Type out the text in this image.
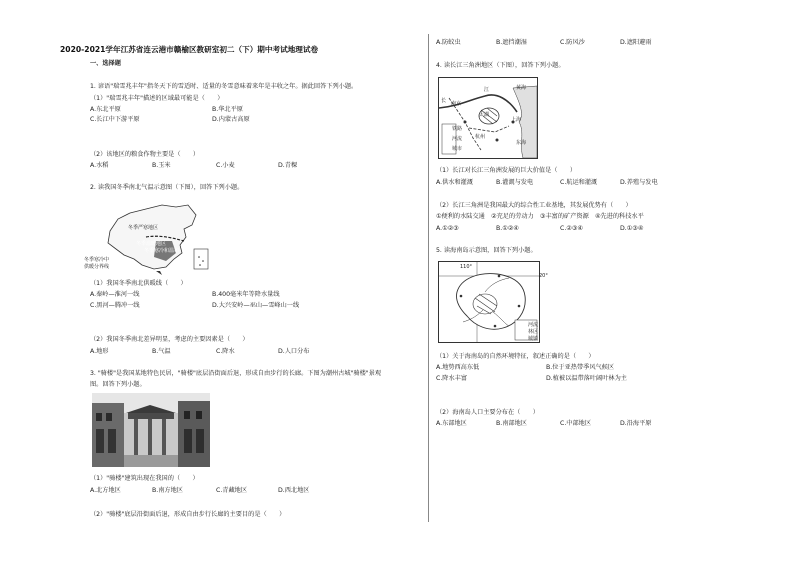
2020-2021学年江苏省连云港市赣榆区教研室初二（下）期中考试地理试卷
一、选择题
1. 谚语"瑞雪兆丰年"指冬天下的雪适时、适量的冬雪意味着来年是丰收之年。据此回答下列小题。
（1）"瑞雪兆丰年"描述的区域最可能是（　　）
A.东北平原	B.华北平原
C.长江中下游平原	D.内蒙古高原
（2）该地区的粮食作物主要是（　　）
A.水稻	B.玉米	C.小麦	D.青稞
2. 读我国冬季南北气温示意图（下图），回答下列小题。
冬季严寒地区
冬季温暖地区
冬季寒冷和温和
冬季寒冷中
供暖分界线
（1）我国冬季南北供暖线（　　）
A.秦岭—淮河一线	B.400毫米年等降水量线
C.黑河—腾冲一线	D.大兴安岭—巫山—雪峰山一线
（2）我国冬季南北差异明显，考虑的主要因素是（　　）
A.地形	B.气温	C.降水	D.人口分布
3. "骑楼"是我国某地特色民居，"骑楼"底层沿街面后退，形成自由步行的长廊。下图为潮州古城"骑楼"景观
图。回答下列小题。
（1）"骑楼"建筑出现在我国的（　　）
A.北方地区	B.南方地区	C.青藏地区	D.西北地区
（2）"骑楼"底层沿街面后退，形成自由步行长廊的主要目的是（　　）
A.防蚊虫	B.遮挡潮湿	C.防风沙	D.遮阳避雨
4. 读长江三角洲地区（下图），回答下列小题。
长 南京
江
太湖
上海
铁路
河流
城市
黄海
东海
杭州
（1）长江对长江三角洲发展的巨大价值是（　　）
A.供水和灌溉	B.灌溉与发电	C.航运和灌溉	D.养殖与发电
（2）长江三角洲是我国最大的综合性工业基地，其发展优势有（　　）
①便利的水陆交通　②充足的劳动力　③丰富的矿产资源　④先进的科技水平
A.①②③	B.①②④	C.②③④	D.①③④
5. 读海南岛示意图，回答下列小题。
110°
20°
河流
林区
城镇
（1）关于海南岛的自然环境特征，叙述正确的是（　　）
A.地势西高东低	B.位于亚热带季风气候区
C.降水丰富	D.植被以温带落叶阔叶林为主
（2）海南岛人口主要分布在（　　）
A.东部地区	B.南部地区	C.中部地区	D.沿海平原
